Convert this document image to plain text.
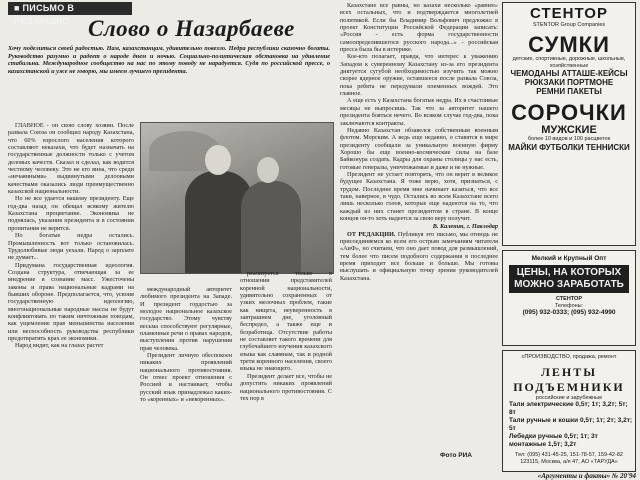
■ ПИСЬМО В РЕДАКЦИЮ Слово о Назарбаеве
Хочу поделиться своей радостью. Нам, казахстанцам, удивительно повезло. Недра республики сказочно богаты. Руководство разумно и радеет о народе днем и ночью. Социально-политическая обстановка на удивление стабильна. Международное сообщество на нас по этому поводу не нарадуется. Судя по российской прессе, о казахстанской и уже не говорю, мы имеем лучшего президента.

ГЛАВНОЕ - он свою слову хозяин. После развала Союза он сообщил народу Казахстана, что 60% взрослого населения которого составляют неказахи, что будет назначать на государственные должности только с учетом деловых качеств. Сказал и сделал, как водится честному человеку. Это не его вина, что среди «нечаянными» выдвинутыми делоовыми качествами оказались люди преимущественно казахской национальности.

Но не все удается нашему президенту. Еще год-два назад он обещал всякому жителю Казахстана процветание. Экономика не поднялась, указания президента и в состоянии пропитания не верится.

Но богатые недра остались. Промышленность вот только остановилась. Трудолюбивые люди уехали. Народ о зарплате не думает...

Придумана государственная идеология. Создана структура, отвечающая за ее внедрение в сознание масс. Ужесточены законы и права национальные кадрами на бывших обороне. Предполагается, что, усвоив государственную идеологию, многонациональные народные массы не будут конфликтовать по таким ничтожным поводам, как ущемление прав меньшинства населения или неспособность руководства республики предотвратить крах ее экономики.

Народ видит, как на глазах растет

международный авторитет любимого президента на Западе. И президент гордостью за молодое национальное казахское государство. Этому чувству весьма способствуют регулярные, пламенные речи о правах народов, выступления против нарушения прав человека.

Президент личную обеспокоен никаких проявлений национального противостояния. Он отнес проект отношения с Россией и настаивает, чтобы русский язык принадлежал каких-то «коренных» и «некоренных».

реализуется только в отношении представителей коренной национальности, удивительно сохраненных от узких мелочных проблем, такие как нищета, неуверенность в завтрашнем дне, уголовный беспредел, а также еще и безработица. Отсутствие работы не составляет такого времени для глубочайшего изучения казахского языка как славянам, так и родной трети коренного населения, своего языка не знающего.

Президент делает все, чтобы не допустить никаких проявлений национального противостояния. С тех пор в

Казахстане все равны, но казахи несколько «равнее» всех остальных, что и подтверждается многолетней политикой. Если бы Владимир Вольфович предложил в проект Конституции Российской Федерации записать: «Россия - есть форма государственности самоопределившегося русского народа...» - российская пресса была бы в истерике.

Кое-кто полагает, правда, что интерес к уважению Западом к суверенному Казахстану из-за его президента диктуется сугубой необходимостью изучить так можно скорее ядерное оружие, оставшееся после развала Союза, пока ребята не передумали племенных вождей. Это главное.

А еще есть у Казахстана богатые недра. Их в счастливые месяцы не выпросишь. Так что за авторитет нашего президента бояться нечего. Во всяком случае год-два, пока заключаются контракты.

Недавно Казахстан обзавелся собственным военным флотом. Морским. А ведь еще недавно, о ставятся в мире президенту сообщали за уникальную военную фирму Хорошо бы еще военно-космические силы на базе Байконура создать. Кадры для охраны столицы у нас есть, готовые генералы, уничтожаемые и даже и не нужные.

Президент не устает повторять, что он верит в великое будущее Казахстана. Я тоже верю, хотя, признаться, с трудом. Последнее время мне начинает казаться, что все таки, наверное, в чудо. Остались во всем Казахстане всего лишь несколько голов, которые еще надеются на то, что каждый из них станет президентом в стране. В конце концов он-то хоть надеется за свою веру получит.

В. Каленин, г. Павлодар

ОТ РЕДАКЦИИ. Публикуя это письмо, мы отнюдь не присоединяемся ко всем его острым замечаниям читателя «АиФ», но считаем, что оно дает повод для размышлений, тем более что писем подобного содержания в последнее время приходит все больше и больше. Мы готовы выслушать и официальную точку зрения руководителей Казахстана.

Фото РИА
СТЕНТОР
STENTOR Group Companies
СУМКИ
детские, спортивные, дорожные, школьные, хозяйственные
ЧЕМОДАНЫ АТТАШЕ-КЕЙСЫ
РЮКЗАКИ ПОРТМОНЕ
РЕМНИ ПАКЕТЫ
СОРОЧКИ
МУЖСКИЕ
более 10 видов и 100 расцветок
МАЙКИ ФУТБОЛКИ ТЕННИСКИ
Мелкий и Крупный Опт
ЦЕНЫ, НА КОТОРЫХ МОЖНО ЗАРАБОТАТЬ
СТЕНТОР
Телефоны:
(095) 932-0333; (095) 932-4990
сПРОИЗВОДСТВО, продажа, ремонт
ЛЕНТЫ ПОДЪЕМНИКИ
российские и зарубежные
Тали электрические 0,5т; 1т; 3,2т; 5т; 8т
Тали ручные и кошки 0,5т; 1т; 2т; 3,2т; 5т
Лебедки ручные 0,5т; 1т; 3т
монтажные 1,5т; 3,2т
Тел: (095) 431-45-25, 151-78-57, 159-42-82
123115, Москва, а/я 47, АО «ТАРУДА»
«Аргументы и факты» № 20'94
